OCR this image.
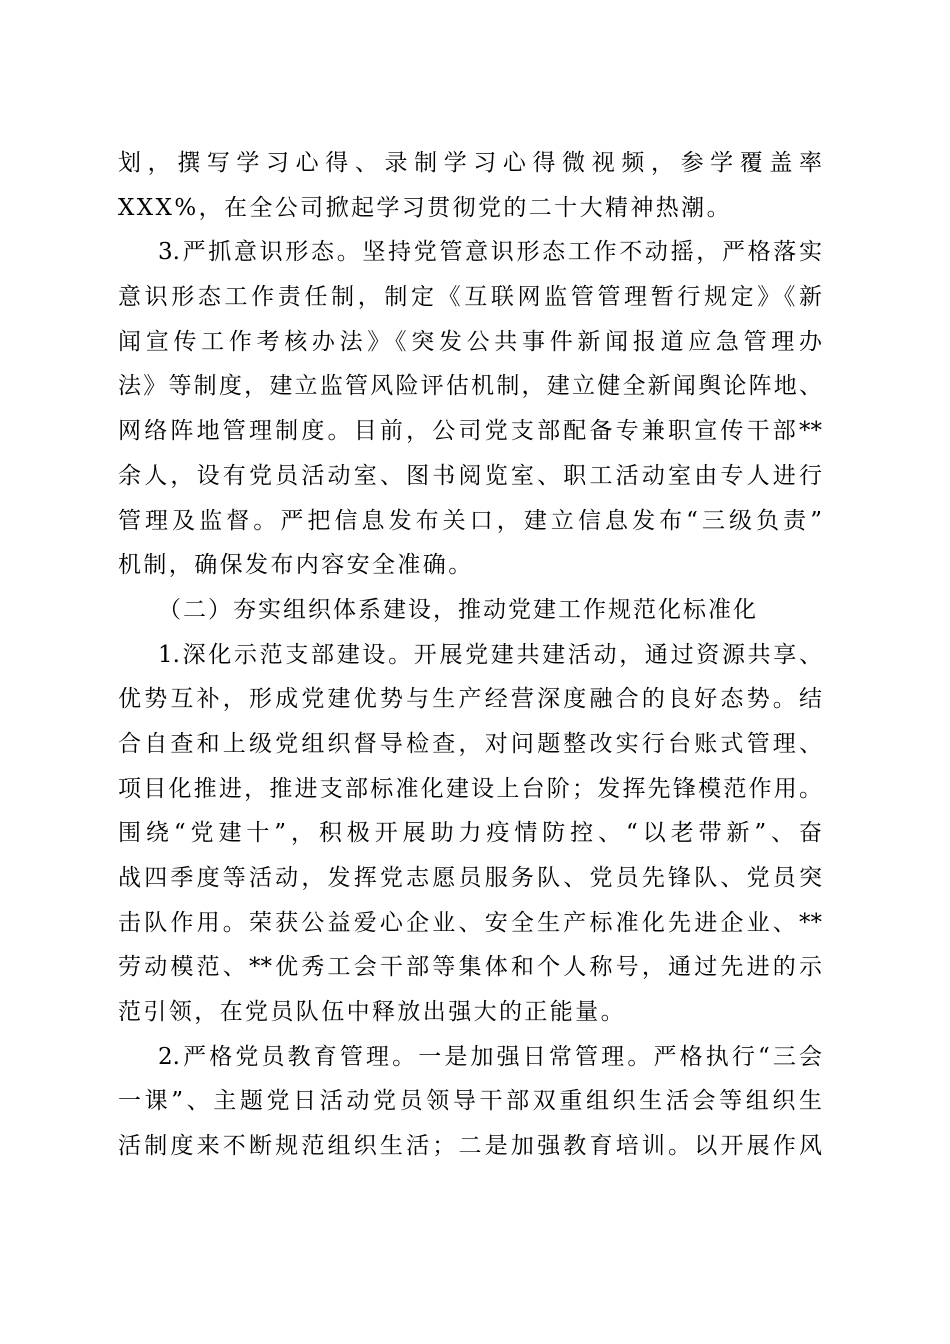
划，撰写学习心得、录制学习心得微视频，参学覆盖率
XXX%，在全公司掀起学习贯彻党的二十大精神热潮。
3.严抓意识形态。坚持党管意识形态工作不动摇，严格落实
意识形态工作责任制，制定《互联网监管管理暂行规定》《新
闻宣传工作考核办法》《突发公共事件新闻报道应急管理办
法》等制度，建立监管风险评估机制，建立健全新闻舆论阵地、
网络阵地管理制度。目前，公司党支部配备专兼职宣传干部**
余人，设有党员活动室、图书阅览室、职工活动室由专人进行
管理及监督。严把信息发布关口，建立信息发布“三级负责”
机制，确保发布内容安全准确。
（二）夯实组织体系建设，推动党建工作规范化标准化
1.深化示范支部建设。开展党建共建活动，通过资源共享、
优势互补，形成党建优势与生产经营深度融合的良好态势。结
合自查和上级党组织督导检查，对问题整改实行台账式管理、
项目化推进，推进支部标准化建设上台阶；发挥先锋模范作用。
围绕“党建十”，积极开展助力疫情防控、“以老带新”、奋
战四季度等活动，发挥党志愿员服务队、党员先锋队、党员突
击队作用。荣获公益爱心企业、安全生产标准化先进企业、**
劳动模范、**优秀工会干部等集体和个人称号，通过先进的示
范引领，在党员队伍中释放出强大的正能量。
2.严格党员教育管理。一是加强日常管理。严格执行“三会
一课”、主题党日活动党员领导干部双重组织生活会等组织生
活制度来不断规范组织生活；二是加强教育培训。以开展作风
